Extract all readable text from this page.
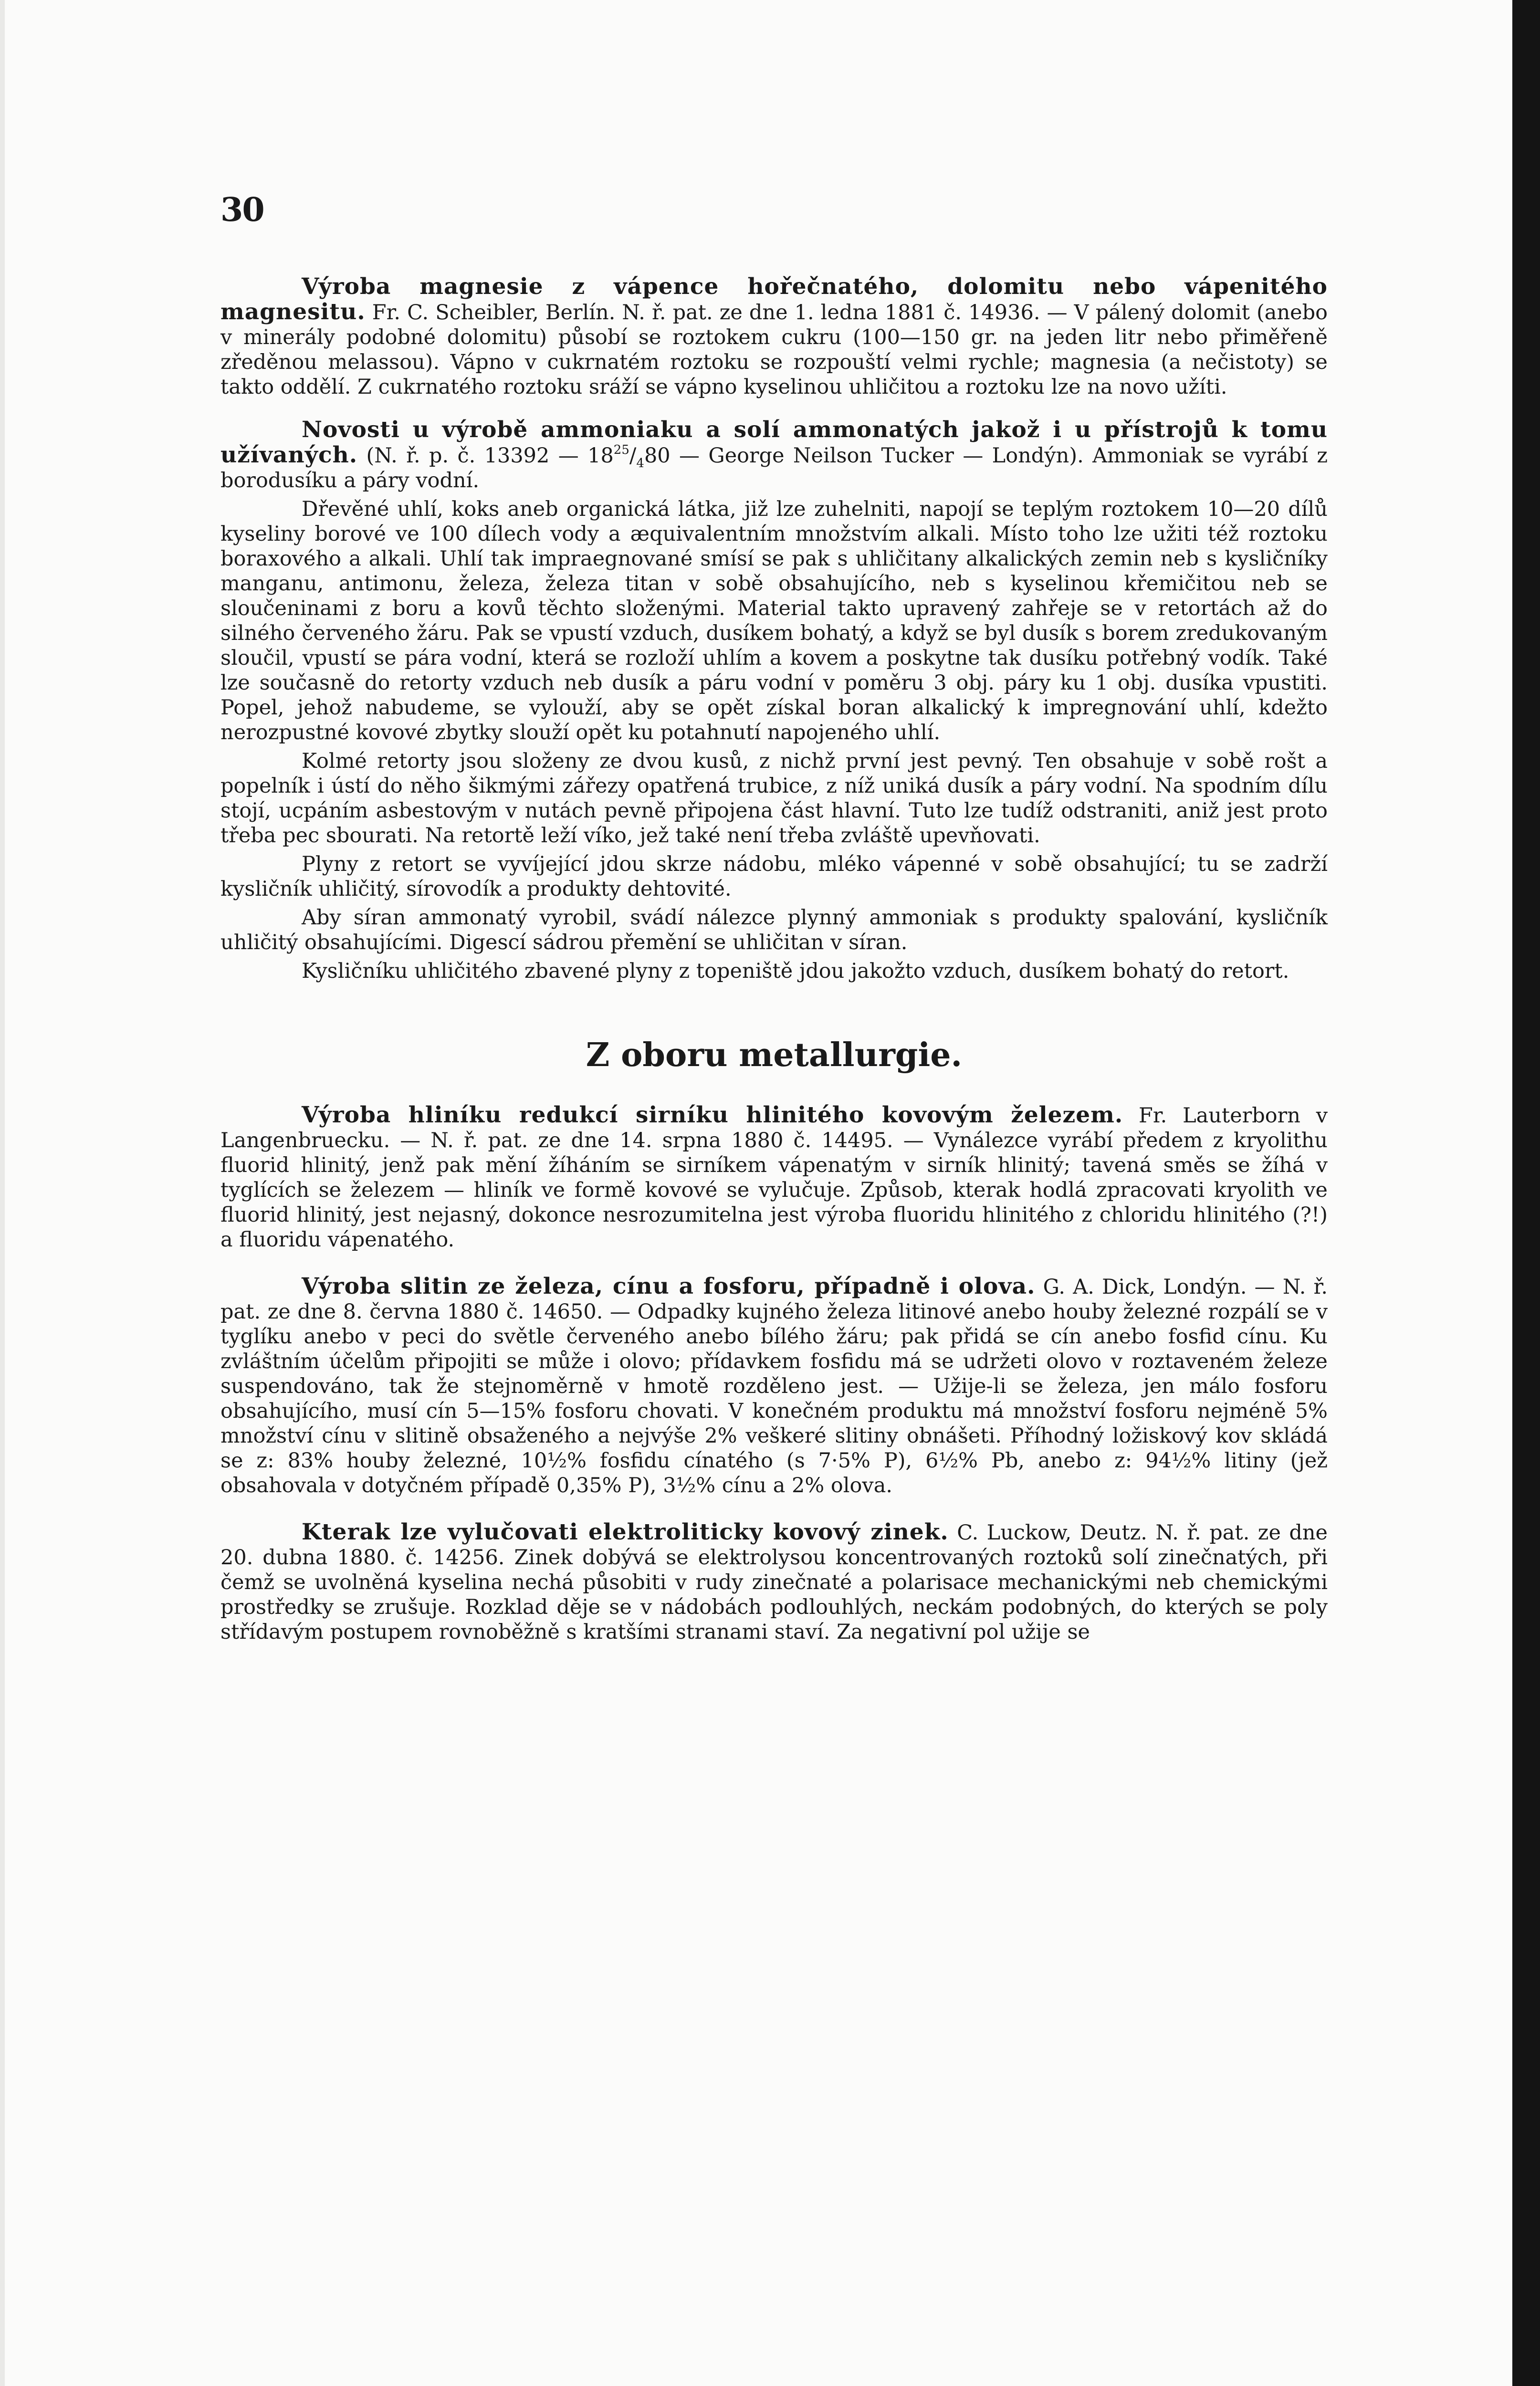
30

Výroba magnesie z vápence hořečnatého, dolomitu nebo vápenitého magnesitu. Fr. C. Scheibler, Berlín. N. ř. pat. ze dne 1. ledna 1881 č. 14936. — V pálený dolomit (anebo v minerály podobné dolomitu) působí se roztokem cukru (100—150 gr. na jeden litr nebo přiměřeně zředěnou melassou). Vápno v cukrnatém roztoku se rozpouští velmi rychle; magnesia (a nečistoty) se takto oddělí. Z cukrnatého roztoku sráží se vápno kyselinou uhličitou a roztoku lze na novo užíti.

Novosti u výrobě ammoniaku a solí ammonatých jakož i u přístrojů k tomu užívaných. (N. ř. p. č. 13392 — $18^{25}/_480$ — George Neilson Tucker — Londýn). Ammoniak se vyrábí z borodusíku a páry vodní.

Dřevěné uhlí, koks aneb organická látka, již lze zuhelniti, napojí se teplým roztokem 10—20 dílů kyseliny borové ve 100 dílech vody a æquivalentním množstvím alkali. Místo toho lze užiti též roztoku boraxového a alkali. Uhlí tak impraegnované smísí se pak s uhličitany alkalických zemin neb s kysličníky manganu, antimonu, železa, železa titan v sobě obsahujícího, neb s kyselinou křemičitou neb se sloučeninami z boru a kovů těchto složenými. Material takto upravený zahřeje se v retortách až do silného červeného žáru. Pak se vpustí vzduch, dusíkem bohatý, a když se byl dusík s borem zredukovaným sloučil, vpustí se pára vodní, která se rozloží uhlím a kovem a poskytne tak dusíku potřebný vodík. Také lze současně do retorty vzduch neb dusík a páru vodní v poměru 3 obj. páry ku 1 obj. dusíka vpustiti. Popel, jehož nabudeme, se vylouží, aby se opět získal boran alkalický k impregnování uhlí, kdežto nerozpustné kovové zbytky slouží opět ku potahnutí napojeného uhlí.

Kolmé retorty jsou složeny ze dvou kusů, z nichž první jest pevný. Ten obsahuje v sobě rošt a popelník i ústí do něho šikmými zářezy opatřená trubice, z níž uniká dusík a páry vodní. Na spodním dílu stojí, ucpáním asbestovým v nutách pevně připojena část hlavní. Tuto lze tudíž odstraniti, aniž jest proto třeba pec sbourati. Na retortě leží víko, jež také není třeba zvláště upevňovati.

Plyny z retort se vyvíjející jdou skrze nádobu, mléko vápenné v sobě obsahující; tu se zadrží kysličník uhličitý, sírovodík a produkty dehtovité.

Aby síran ammonatý vyrobil, svádí nálezce plynný ammoniak s produkty spalování, kysličník uhličitý obsahujícími. Digescí sádrou přemění se uhličitan v síran.

Kysličníku uhličitého zbavené plyny z topeniště jdou jakožto vzduch, dusíkem bohatý do retort.

Z oboru metallurgie.

Výroba hliníku redukcí sirníku hlinitého kovovým železem. Fr. Lauterborn v Langenbruecku. — N. ř. pat. ze dne 14. srpna 1880 č. 14495. — Vynálezce vyrábí předem z kryolithu fluorid hlinitý, jenž pak mění žíháním se sirníkem vápenatým v sirník hlinitý; tavená směs se žíhá v tyglících se železem — hliník ve formě kovové se vylučuje. Způsob, kterak hodlá zpracovati kryolith ve fluorid hlinitý, jest nejasný, dokonce nesrozumitelna jest výroba fluoridu hlinitého z chloridu hlinitého (?!) a fluoridu vápenatého.

Výroba slitin ze železa, cínu a fosforu, případně i olova. G. A. Dick, Londýn. — N. ř. pat. ze dne 8. června 1880 č. 14650. — Odpadky kujného železa litinové anebo houby železné rozpálí se v tyglíku anebo v peci do světle červeného anebo bílého žáru; pak přidá se cín anebo fosfid cínu. Ku zvláštním účelům připojiti se může i olovo; přídavkem fosfidu má se udržeti olovo v roztaveném železe suspendováno, tak že stejnoměrně v hmotě rozděleno jest. — Užije-li se železa, jen málo fosforu obsahujícího, musí cín 5—15% fosforu chovati. V konečném produktu má množství fosforu nejméně 5% množství cínu v slitině obsaženého a nejvýše 2% veškeré slitiny obnášeti. Příhodný ložiskový kov skládá se z: 83% houby železné, 10½% fosfidu cínatého (s 7·5% P), 6½% Pb, anebo z: 94½% litiny (jež obsahovala v dotyčném případě 0,35% P), 3½% cínu a 2% olova.

Kterak lze vylučovati elektroliticky kovový zinek. C. Luckow, Deutz. N. ř. pat. ze dne 20. dubna 1880. č. 14256. Zinek dobývá se elektrolysou koncentrovaných roztoků solí zinečnatých, při čemž se uvolněná kyselina nechá působiti v rudy zinečnaté a polarisace mechanickými neb chemickými prostředky se zrušuje. Rozklad děje se v nádobách podlouhlých, neckám podobných, do kterých se poly střídavým postupem rovnoběžně s kratšími stranami staví. Za negativní pol užije se
